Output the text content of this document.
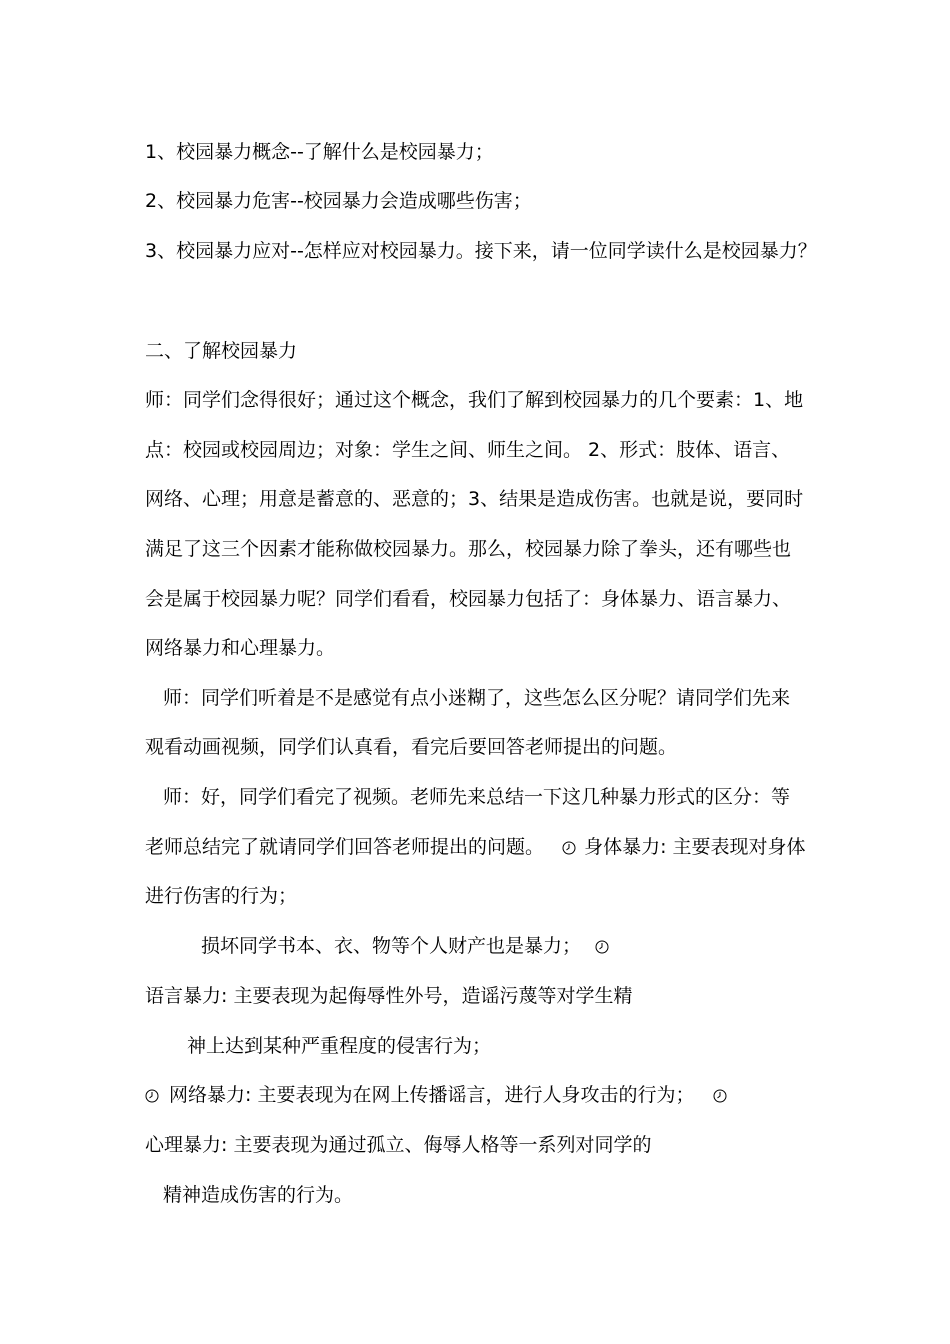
1、校园暴力概念--了解什么是校园暴力；
2、校园暴力危害--校园暴力会造成哪些伤害；
3、校园暴力应对--怎样应对校园暴力。接下来，请一位同学读什么是校园暴力？
二、了解校园暴力
师：同学们念得很好；通过这个概念，我们了解到校园暴力的几个要素：1、地
点：校园或校园周边；对象：学生之间、师生之间。 2、形式：肢体、语言、
网络、心理；用意是蓄意的、恶意的；3、结果是造成伤害。也就是说，要同时
满足了这三个因素才能称做校园暴力。那么，校园暴力除了拳头，还有哪些也
会是属于校园暴力呢？同学们看看，校园暴力包括了：身体暴力、语言暴力、
网络暴力和心理暴力。
师：同学们听着是不是感觉有点小迷糊了，这些怎么区分呢？请同学们先来
观看动画视频，同学们认真看，看完后要回答老师提出的问题。
师：好，同学们看完了视频。老师先来总结一下这几种暴力形式的区分：等
老师总结完了就请同学们回答老师提出的问题。 身体暴力: 主要表现对身体
进行伤害的行为；
损坏同学书本、衣、物等个人财产也是暴力；
语言暴力: 主要表现为起侮辱性外号，造谣污蔑等对学生精
神上达到某种严重程度的侵害行为；
网络暴力: 主要表现为在网上传播谣言，进行人身攻击的行为；
心理暴力: 主要表现为通过孤立、侮辱人格等一系列对同学的
精神造成伤害的行为。
